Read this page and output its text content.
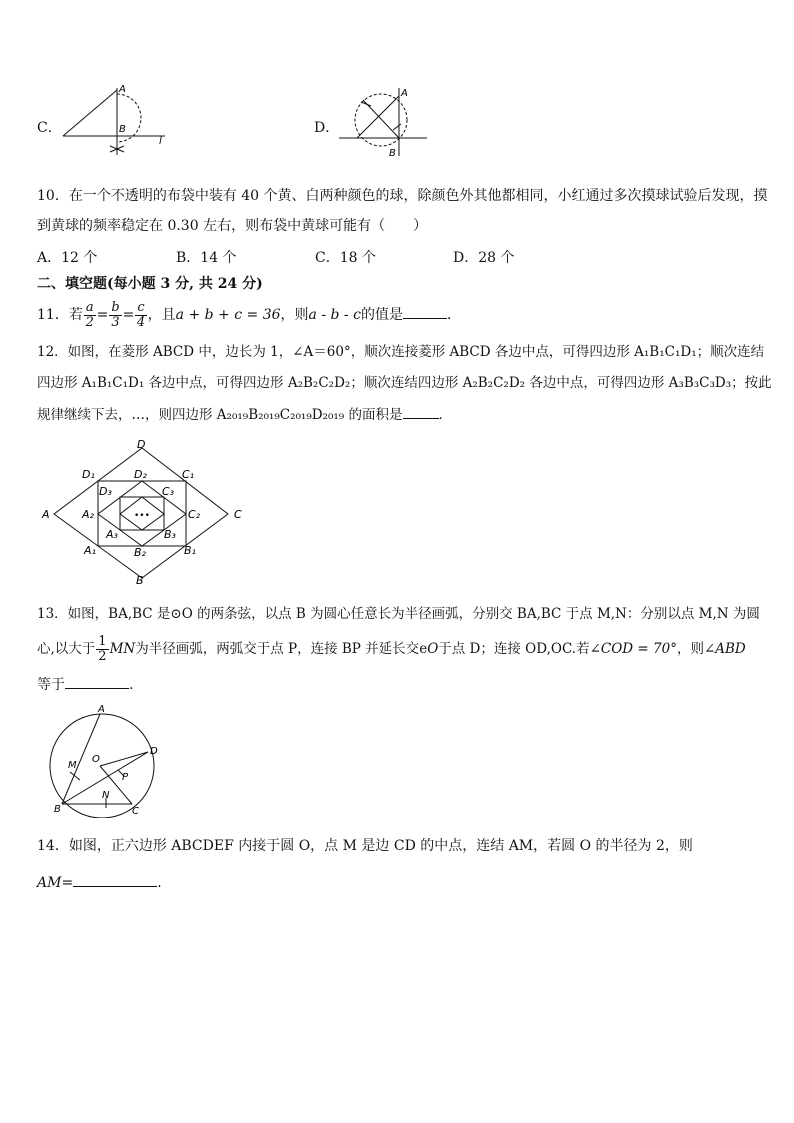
C．
A
B
l
D．
A
B
10．在一个不透明的布袋中装有 40 个黄、白两种颜色的球，除颜色外其他都相同，小红通过多次摸球试验后发现，摸
到黄球的频率稳定在 0.30 左右，则布袋中黄球可能有（　　）
A．12 个	B．14 个	C．18 个	D．28 个
二、填空题(每小题 3 分, 共 24 分)
11．若 $\frac{a}{2} = \frac{b}{3} = \frac{c}{4}$ ，且a + b + c = 36，则a - b - c的值是	．
12．如图，在菱形 ABCD 中，边长为 1，∠A＝60°，顺次连接菱形 ABCD 各边中点，可得四边形 A₁B₁C₁D₁；顺次连结
四边形 A₁B₁C₁D₁ 各边中点，可得四边形 A₂B₂C₂D₂；顺次连结四边形 A₂B₂C₂D₂ 各边中点，可得四边形 A₃B₃C₃D₃；按此
规律继续下去，…，则四边形 A₂₀₁₉B₂₀₁₉C₂₀₁₉D₂₀₁₉ 的面积是	．
•••
D
D₁	D₂	C₁
D₃	C₃
A	A₂	C₂	C
A₃	B₃
A₁	B₂	B₁
B
13．如图，BA,BC 是⊙O 的两条弦，以点 B 为圆心任意长为半径画弧，分别交 BA,BC 于点 M,N：分别以点 M,N 为圆
心,以大于 $\frac{1}{2}$ MN为半径画弧，两弧交于点 P，连接 BP 并延长交eO于点 D；连接 OD,OC.若∠COD = 70°，则∠ABD
等于	.
A
D
M
O
P
N
B	C
14．如图，正六边形 ABCDEF 内接于圆 O，点 M 是边 CD 的中点，连结 AM，若圆 O 的半径为 2，则
AM=	.
